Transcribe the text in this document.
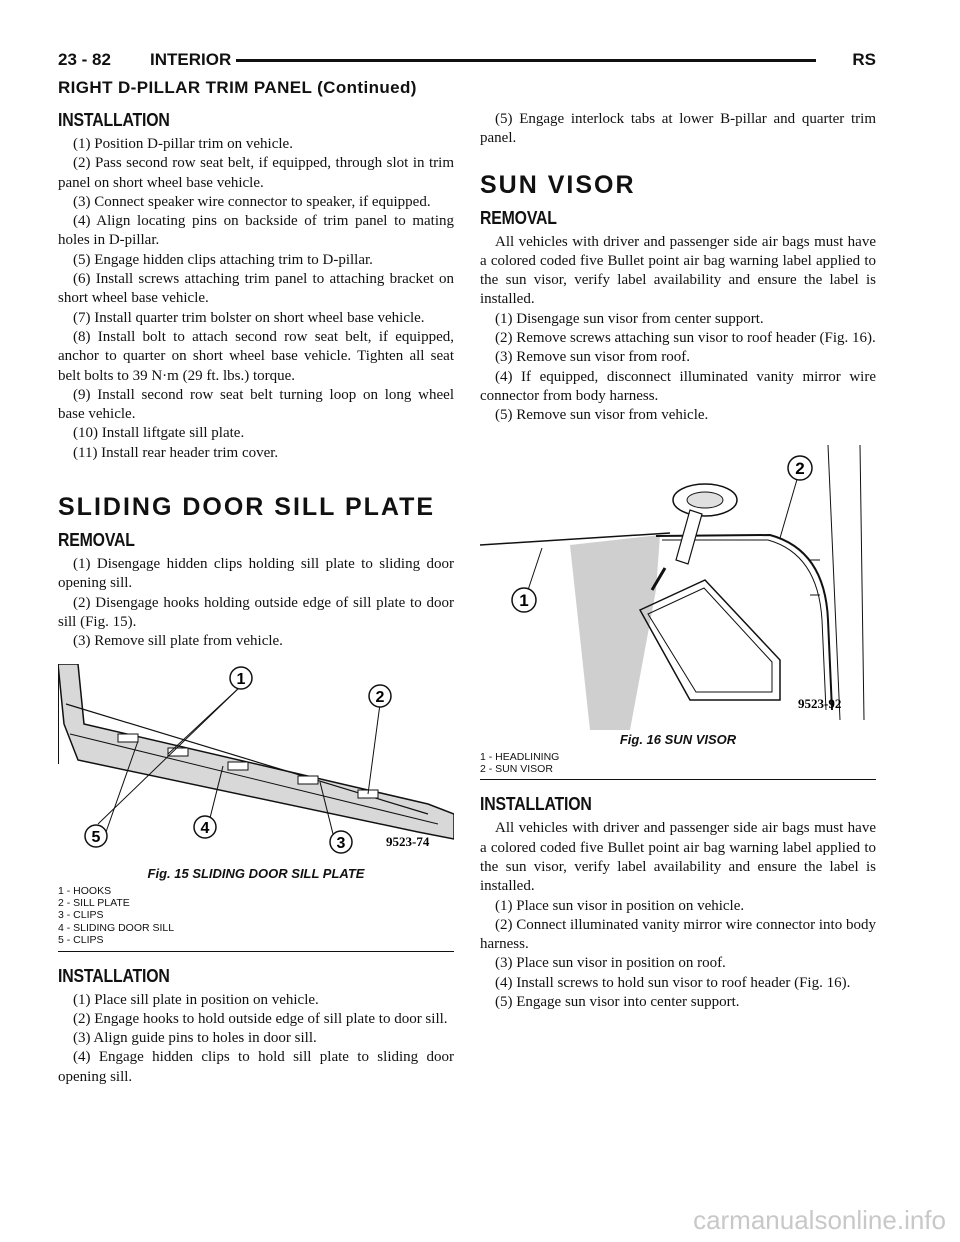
23 - 82 INTERIOR	RS
RIGHT D-PILLAR TRIM PANEL (Continued)
INSTALLATION

(1) Position D-pillar trim on vehicle.

(2) Pass second row seat belt, if equipped, through slot in trim panel on short wheel base vehicle.

(3) Connect speaker wire connector to speaker, if equipped.

(4) Align locating pins on backside of trim panel to mating holes in D-pillar.

(5) Engage hidden clips attaching trim to D-pillar.

(6) Install screws attaching trim panel to attaching bracket on short wheel base vehicle.

(7) Install quarter trim bolster on short wheel base vehicle.

(8) Install bolt to attach second row seat belt, if equipped, anchor to quarter on short wheel base vehicle. Tighten all seat belt bolts to 39 N·m (29 ft. lbs.) torque.

(9) Install second row seat belt turning loop on long wheel base vehicle.

(10) Install liftgate sill plate.

(11) Install rear header trim cover.

SLIDING DOOR SILL PLATE
REMOVAL

(1) Disengage hidden clips holding sill plate to sliding door opening sill.

(2) Disengage hooks holding outside edge of sill plate to door sill (Fig. 15).

(3) Remove sill plate from vehicle.

1
2
3
4
5	9523-74
Fig. 15 SLIDING DOOR SILL PLATE
1 - HOOKS
2 - SILL PLATE
3 - CLIPS
4 - SLIDING DOOR SILL
5 - CLIPS
INSTALLATION

(1) Place sill plate in position on vehicle.

(2) Engage hooks to hold outside edge of sill plate to door sill.

(3) Align guide pins to holes in door sill.

(4) Engage hidden clips to hold sill plate to sliding door opening sill.

(5) Engage interlock tabs at lower B-pillar and quarter trim panel.

SUN VISOR
REMOVAL

All vehicles with driver and passenger side air bags must have a colored coded five Bullet point air bag warning label applied to the sun visor, verify label availability and ensure the label is installed.

(1) Disengage sun visor from center support.

(2) Remove screws attaching sun visor to roof header (Fig. 16).

(3) Remove sun visor from roof.

(4) If equipped, disconnect illuminated vanity mirror wire connector from body harness.

(5) Remove sun visor from vehicle.

1
2
9523-92
Fig. 16 SUN VISOR
1 - HEADLINING
2 - SUN VISOR
INSTALLATION

All vehicles with driver and passenger side air bags must have a colored coded five Bullet point air bag warning label applied to the sun visor, verify label availability and ensure the label is installed.

(1) Place sun visor in position on vehicle.

(2) Connect illuminated vanity mirror wire connector into body harness.

(3) Place sun visor in position on roof.

(4) Install screws to hold sun visor to roof header (Fig. 16).

(5) Engage sun visor into center support.

carmanualsonline.info
